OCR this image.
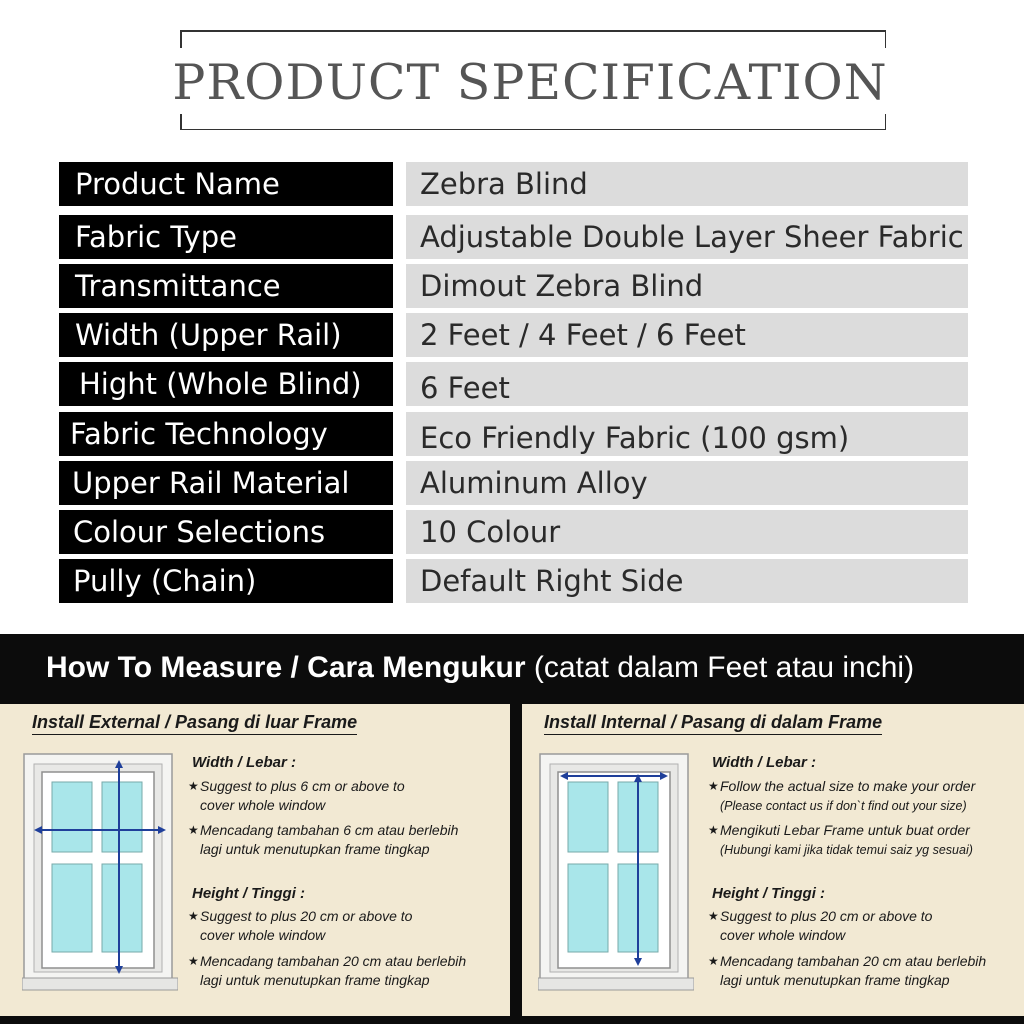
PRODUCT SPECIFICATION
Product Name	Zebra Blind
Fabric Type	Adjustable Double Layer Sheer Fabric
Transmittance	Dimout Zebra Blind
Width (Upper Rail)	2 Feet / 4 Feet / 6 Feet
Hight (Whole Blind)	6 Feet
Fabric Technology	Eco Friendly Fabric (100 gsm)
Upper Rail Material	Aluminum Alloy
Colour Selections	10 Colour
Pully (Chain)	Default Right Side
How To Measure / Cara Mengukur (catat dalam Feet atau inchi)
Install External / Pasang di luar Frame
Width / Lebar :
★ Suggest to plus 6 cm or above to
cover whole window
★ Mencadang tambahan 6 cm atau berlebih
lagi untuk menutupkan frame tingkap
Height / Tinggi :
★ Suggest to plus 20 cm or above to
cover whole window
★ Mencadang tambahan 20 cm atau berlebih
lagi untuk menutupkan frame tingkap
Install Internal / Pasang di dalam Frame
Width / Lebar :
★ Follow the actual size to make your order
(Please contact us if don`t find out your size)
★ Mengikuti Lebar Frame untuk buat order
(Hubungi kami jika tidak temui saiz yg sesuai)
Height / Tinggi :
★ Suggest to plus 20 cm or above to
cover whole window
★ Mencadang tambahan 20 cm atau berlebih
lagi untuk menutupkan frame tingkap
